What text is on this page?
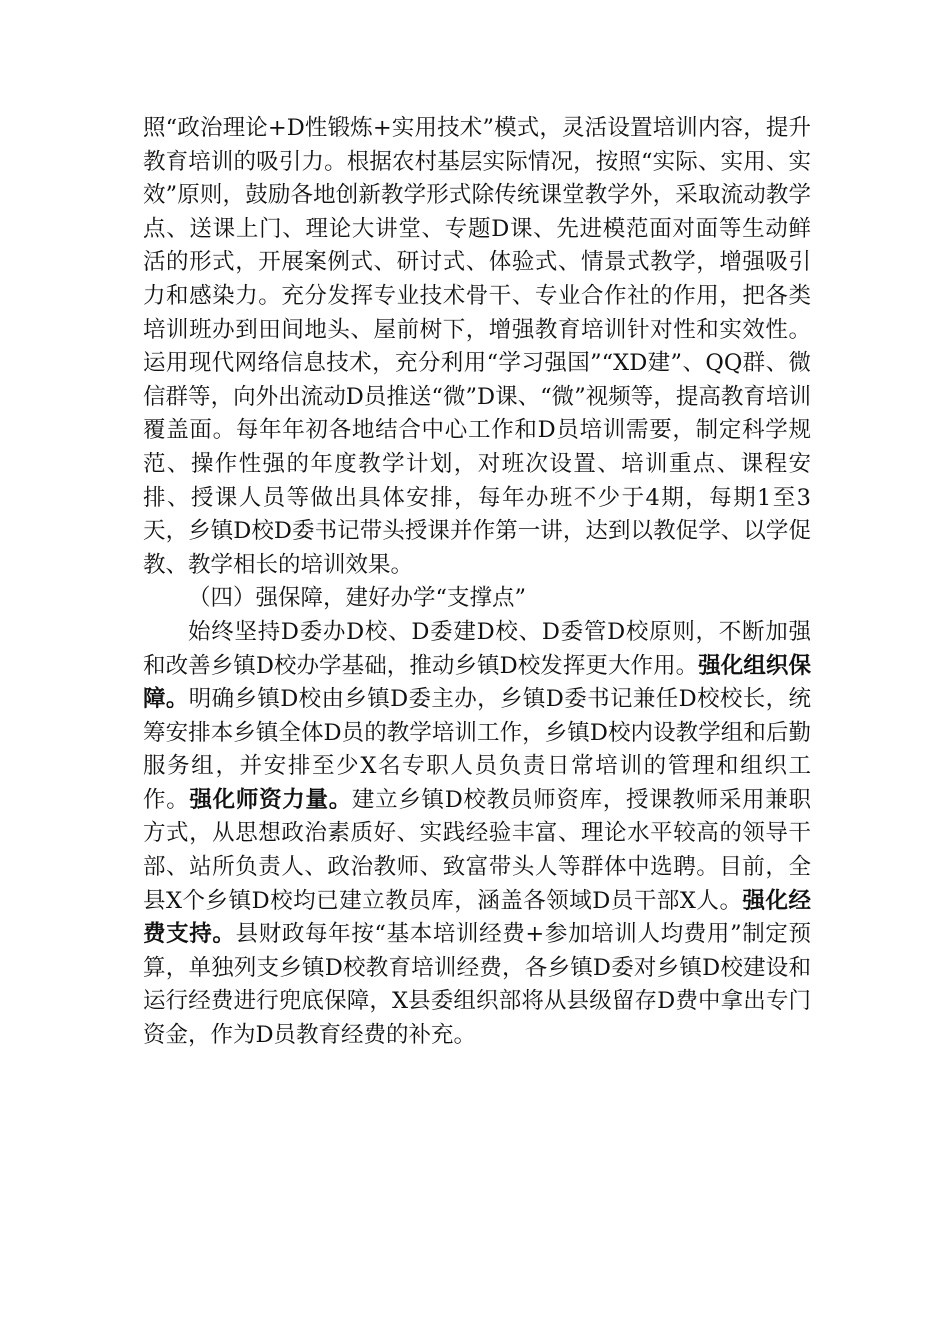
照“政治理论+D性锻炼+实用技术”模式，灵活设置培训内容，提升教育培训的吸引力。根据农村基层实际情况，按照“实际、实用、实效”原则，鼓励各地创新教学形式除传统课堂教学外，采取流动教学点、送课上门、理论大讲堂、专题D课、先进模范面对面等生动鲜活的形式，开展案例式、研讨式、体验式、情景式教学，增强吸引力和感染力。充分发挥专业技术骨干、专业合作社的作用，把各类培训班办到田间地头、屋前树下，增强教育培训针对性和实效性。运用现代网络信息技术，充分利用“学习强国”“XD建”、QQ群、微信群等，向外出流动D员推送“微”D课、“微”视频等，提高教育培训覆盖面。每年年初各地结合中心工作和D员培训需要，制定科学规范、操作性强的年度教学计划，对班次设置、培训重点、课程安排、授课人员等做出具体安排，每年办班不少于4期，每期1至3天，乡镇D校D委书记带头授课并作第一讲，达到以教促学、以学促教、教学相长的培训效果。

（四）强保障，建好办学“支撑点”

始终坚持D委办D校、D委建D校、D委管D校原则，不断加强和改善乡镇D校办学基础，推动乡镇D校发挥更大作用。强化组织保障。明确乡镇D校由乡镇D委主办，乡镇D委书记兼任D校校长，统筹安排本乡镇全体D员的教学培训工作，乡镇D校内设教学组和后勤服务组，并安排至少X名专职人员负责日常培训的管理和组织工作。强化师资力量。建立乡镇D校教员师资库，授课教师采用兼职方式，从思想政治素质好、实践经验丰富、理论水平较高的领导干部、站所负责人、政治教师、致富带头人等群体中选聘。目前，全县X个乡镇D校均已建立教员库，涵盖各领域D员干部X人。强化经费支持。县财政每年按“基本培训经费+参加培训人均费用”制定预算，单独列支乡镇D校教育培训经费，各乡镇D委对乡镇D校建设和运行经费进行兜底保障，X县委组织部将从县级留存D费中拿出专门资金，作为D员教育经费的补充。
